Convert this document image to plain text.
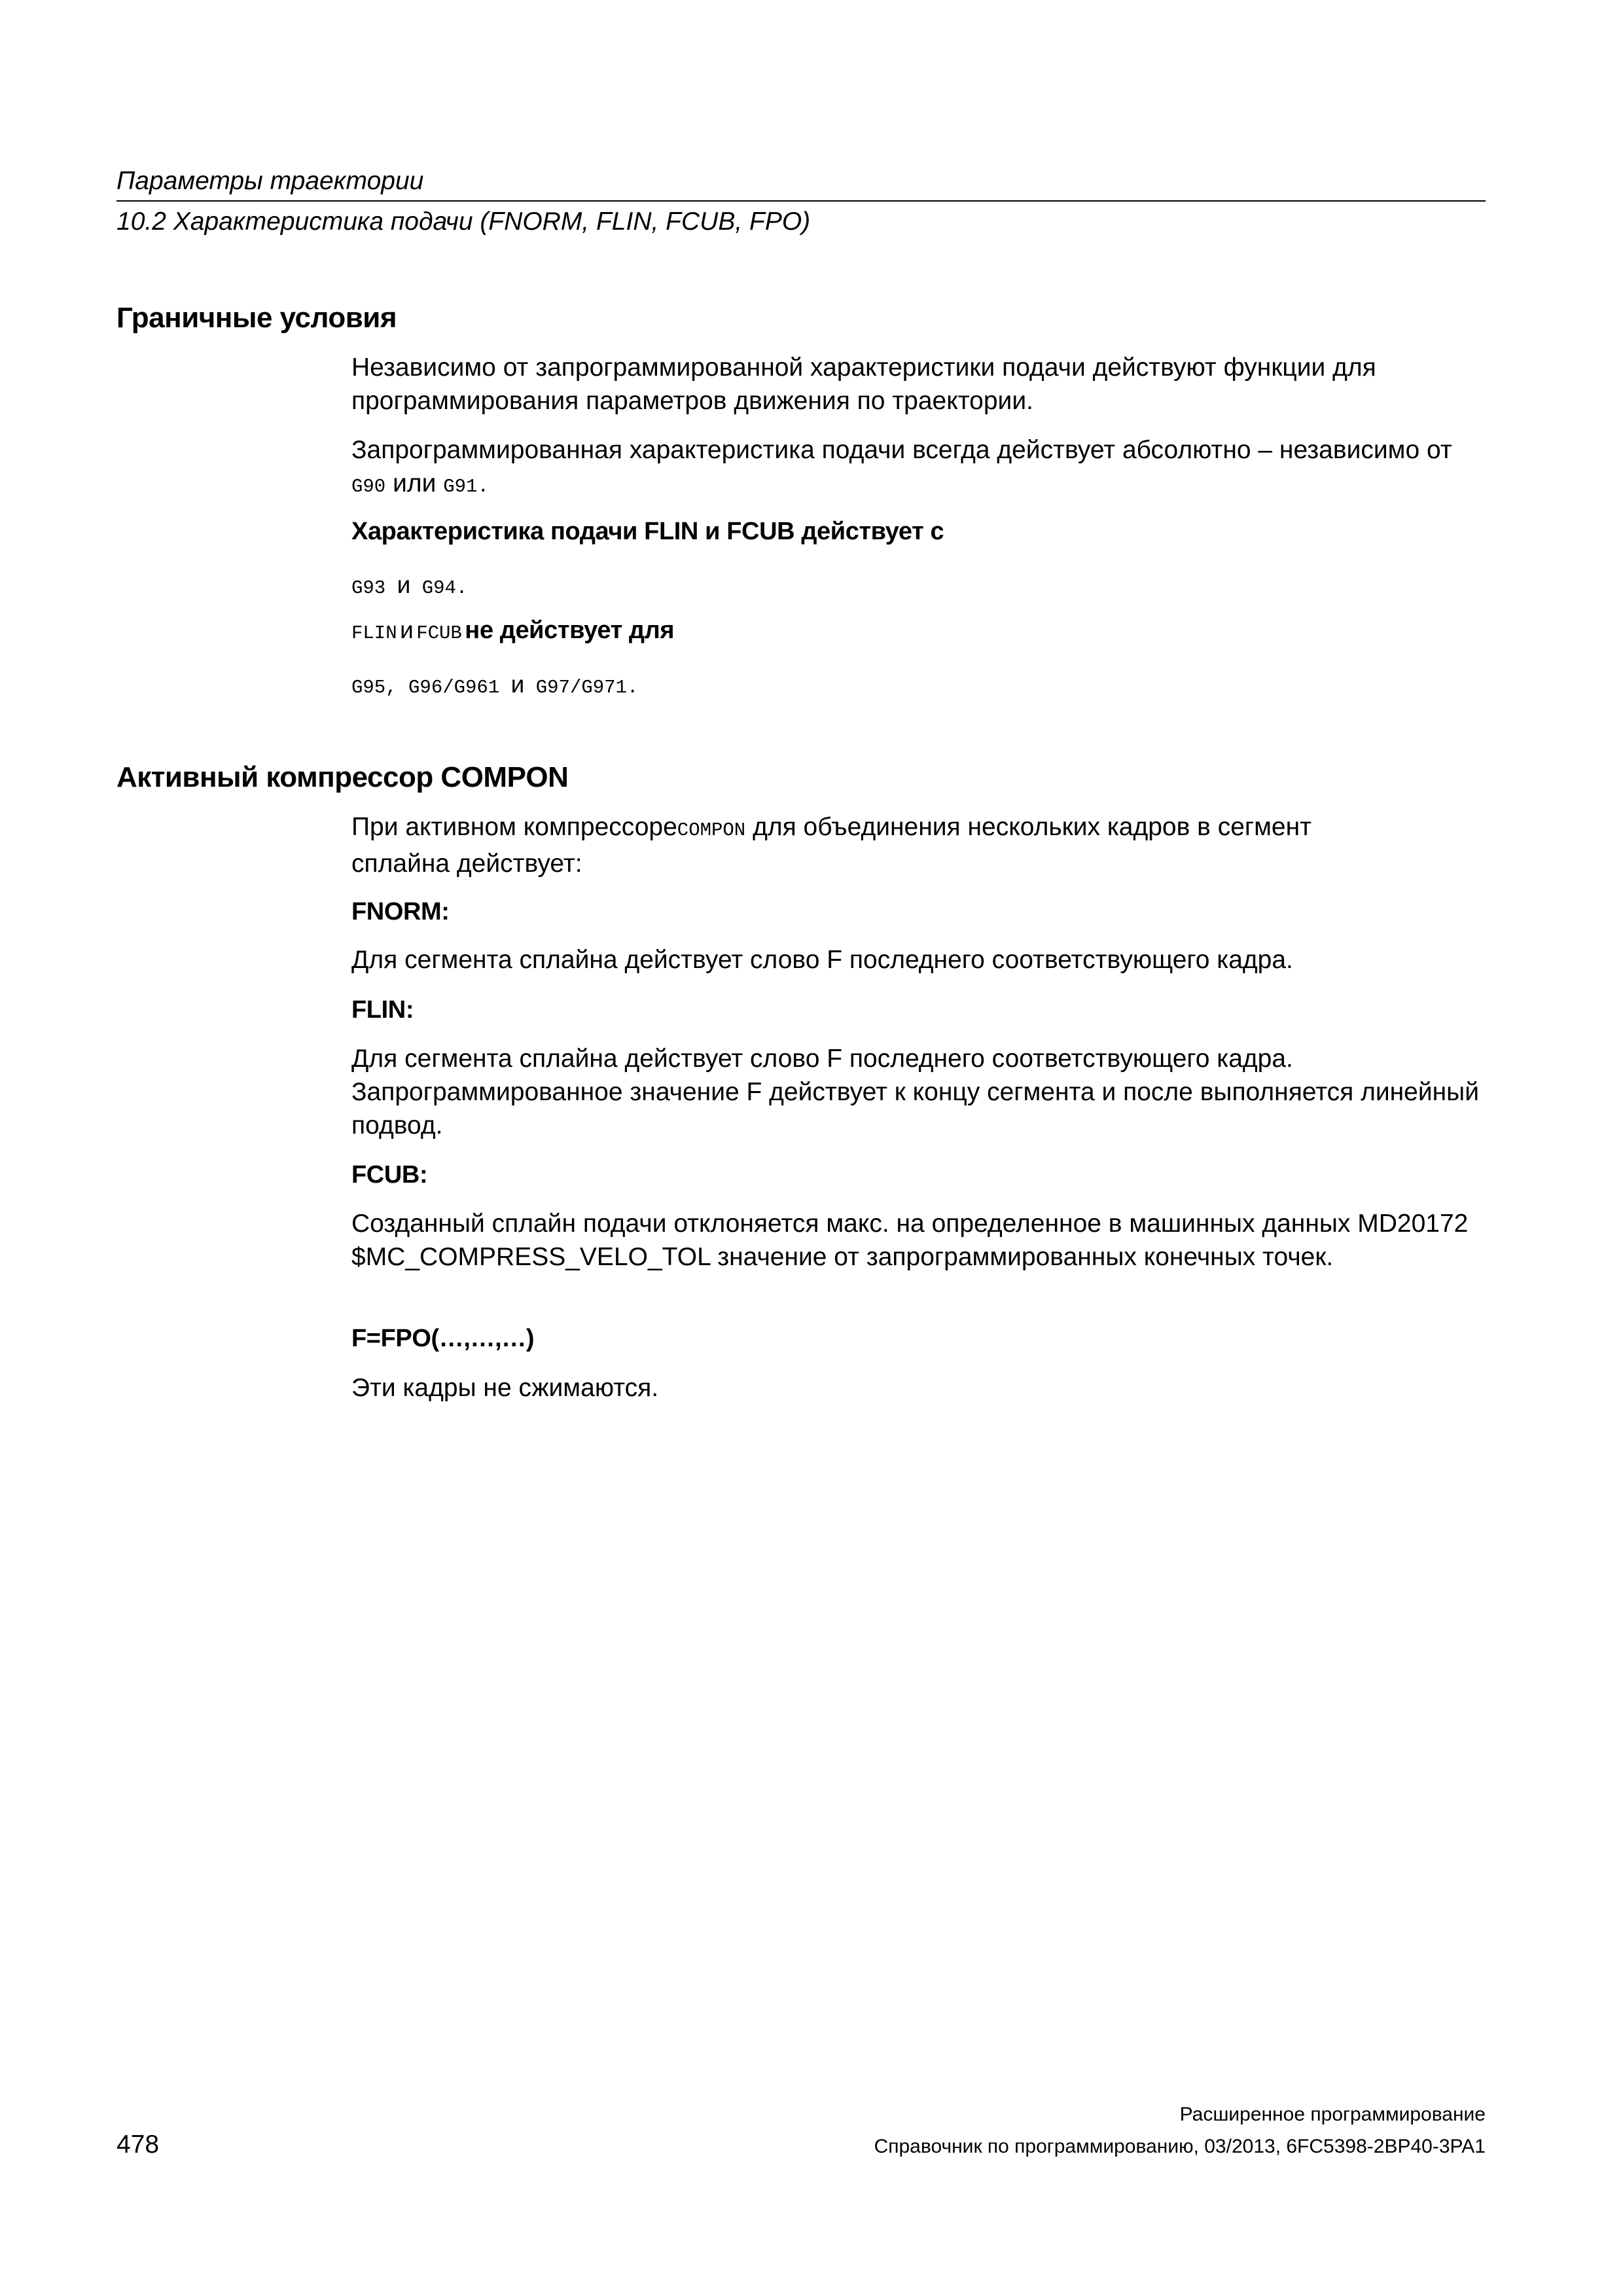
Параметры траектории
10.2 Характеристика подачи (FNORM, FLIN, FCUB, FPO)
Граничные условия
Независимо от запрограммированной характеристики подачи действуют функции для программирования параметров движения по траектории.
Запрограммированная характеристика подачи всегда действует абсолютно – независимо от G90 или G91.
Характеристика подачи FLIN и FCUB действует с
G93 и G94.
FLIN и FCUB не действует для
G95, G96/G961 и G97/G971.
Активный компрессор COMPON
При активном компрессореCOMPON для объединения нескольких кадров в сегмент
сплайна действует:
FNORM:
Для сегмента сплайна действует слово F последнего соответствующего кадра.
FLIN:
Для сегмента сплайна действует слово F последнего соответствующего кадра. Запрограммированное значение F действует к концу сегмента и после выполняется линейный подвод.
FCUB:
Созданный сплайн подачи отклоняется макс. на определенное в машинных данных MD20172 $MC_COMPRESS_VELO_TOL значение от запрограммированных конечных точек.
F=FPO(…,…,…)
Эти кадры не сжимаются.
Расширенное программирование
478	Справочник по программированию, 03/2013, 6FC5398-2BP40-3PA1
